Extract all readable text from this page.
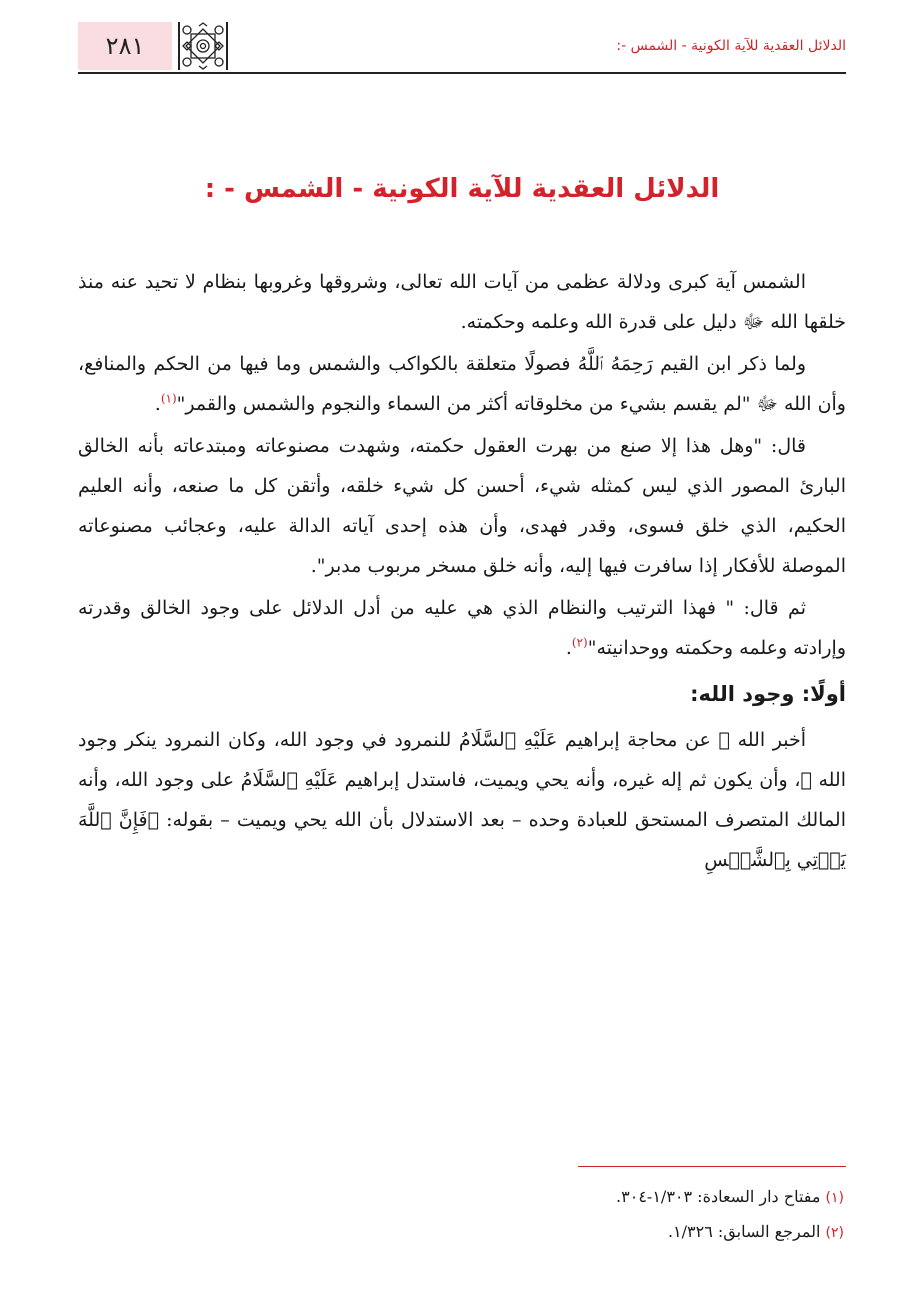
٢٨١	الدلائل العقدية للآية الكونية - الشمس -:
الدلائل العقدية للآية الكونية - الشمس - :

الشمس آية كبرى ودلالة عظمى من آيات الله تعالى، وشروقها وغروبها بنظام لا تحيد عنه منذ خلقها الله ﷻ دليل على قدرة الله وعلمه وحكمته.

ولما ذكر ابن القيم رَحِمَهُ ٱللَّهُ فصولًا متعلقة بالكواكب والشمس وما فيها من الحكم والمنافع، وأن الله ﷻ "لم يقسم بشيء من مخلوقاته أكثر من السماء والنجوم والشمس والقمر"$^{(١)}$.

قال: "وهل هذا إلا صنع من بهرت العقول حكمته، وشهدت مصنوعاته ومبتدعاته بأنه الخالق البارئ المصور الذي ليس كمثله شيء، أحسن كل شيء خلقه، وأتقن كل ما صنعه، وأنه العليم الحكيم، الذي خلق فسوى، وقدر فهدى، وأن هذه إحدى آياته الدالة عليه، وعجائب مصنوعاته الموصلة للأفكار إذا سافرت فيها إليه، وأنه خلق مسخر مربوب مدبر".

ثم قال: " فهذا الترتيب والنظام الذي هي عليه من أدل الدلائل على وجود الخالق وقدرته وإرادته وعلمه وحكمته ووحدانيته"$^{(٢)}$.

أولًا: وجود الله:

أخبر الله ﷻ عن محاجة إبراهيم عَلَيْهِ ٱلسَّلَامُ للنمرود في وجود الله، وكان النمرود ينكر وجود الله ﷻ، وأن يكون ثم إله غيره، وأنه يحي ويميت، فاستدل إبراهيم عَلَيْهِ ٱلسَّلَامُ على وجود الله، وأنه المالك المتصرف المستحق للعبادة وحده – بعد الاستدلال بأن الله يحي ويميت – بقوله: ﴿فَإِنَّ ٱللَّهَ يَأۡتِي بِٱلشَّمۡسِ

(١) مفتاح دار السعادة: ١/٣٠٣-٣٠٤.

(٢) المرجع السابق: ١/٣٢٦.
